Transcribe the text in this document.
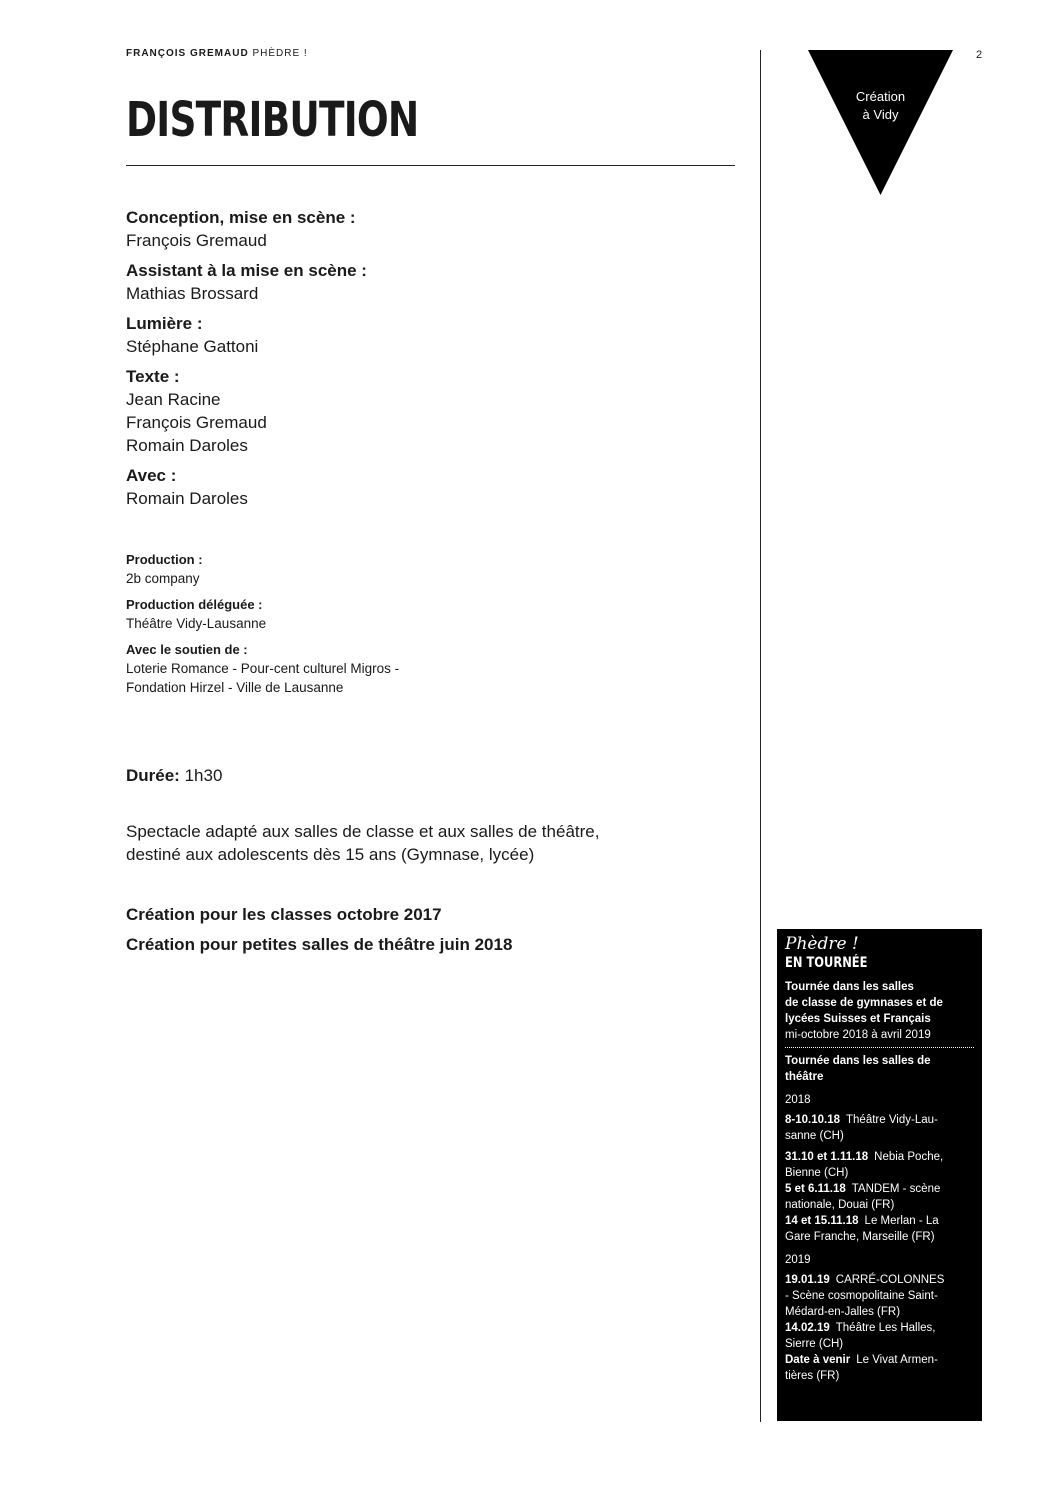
FRANÇOIS GREMAUD PHÈDRE !	2
DISTRIBUTION	Création
à Vidy
Conception, mise en scène :
François Gremaud
Assistant à la mise en scène :
Mathias Brossard
Lumière :
Stéphane Gattoni
Texte :
Jean Racine
François Gremaud
Romain Daroles
Avec :
Romain Daroles
Production :
2b company
Production déléguée :
Théâtre Vidy-Lausanne
Avec le soutien de :
Loterie Romance - Pour-cent culturel Migros -
Fondation Hirzel - Ville de Lausanne
Durée: 1h30
Spectacle adapté aux salles de classe et aux salles de théâtre,
destiné aux adolescents dès 15 ans (Gymnase, lycée)
Création pour les classes octobre 2017
Création pour petites salles de théâtre juin 2018	Phèdre !
EN TOURNÉE
Tournée dans les salles
de classe de gymnases et de
lycées Suisses et Français
mi-octobre 2018 à avril 2019
Tournée dans les salles de
théâtre
2018
8-10.10.18 Théâtre Vidy-Lau-
sanne (CH)
31.10 et 1.11.18 Nebia Poche,
Bienne (CH)
5 et 6.11.18 TANDEM - scène
nationale, Douai (FR)
14 et 15.11.18 Le Merlan - La
Gare Franche, Marseille (FR)
2019
19.01.19 CARRÉ-COLONNES
- Scène cosmopolitaine Saint-
Médard-en-Jalles (FR)
14.02.19 Théâtre Les Halles,
Sierre (CH)
Date à venir Le Vivat Armen-
tières (FR)
